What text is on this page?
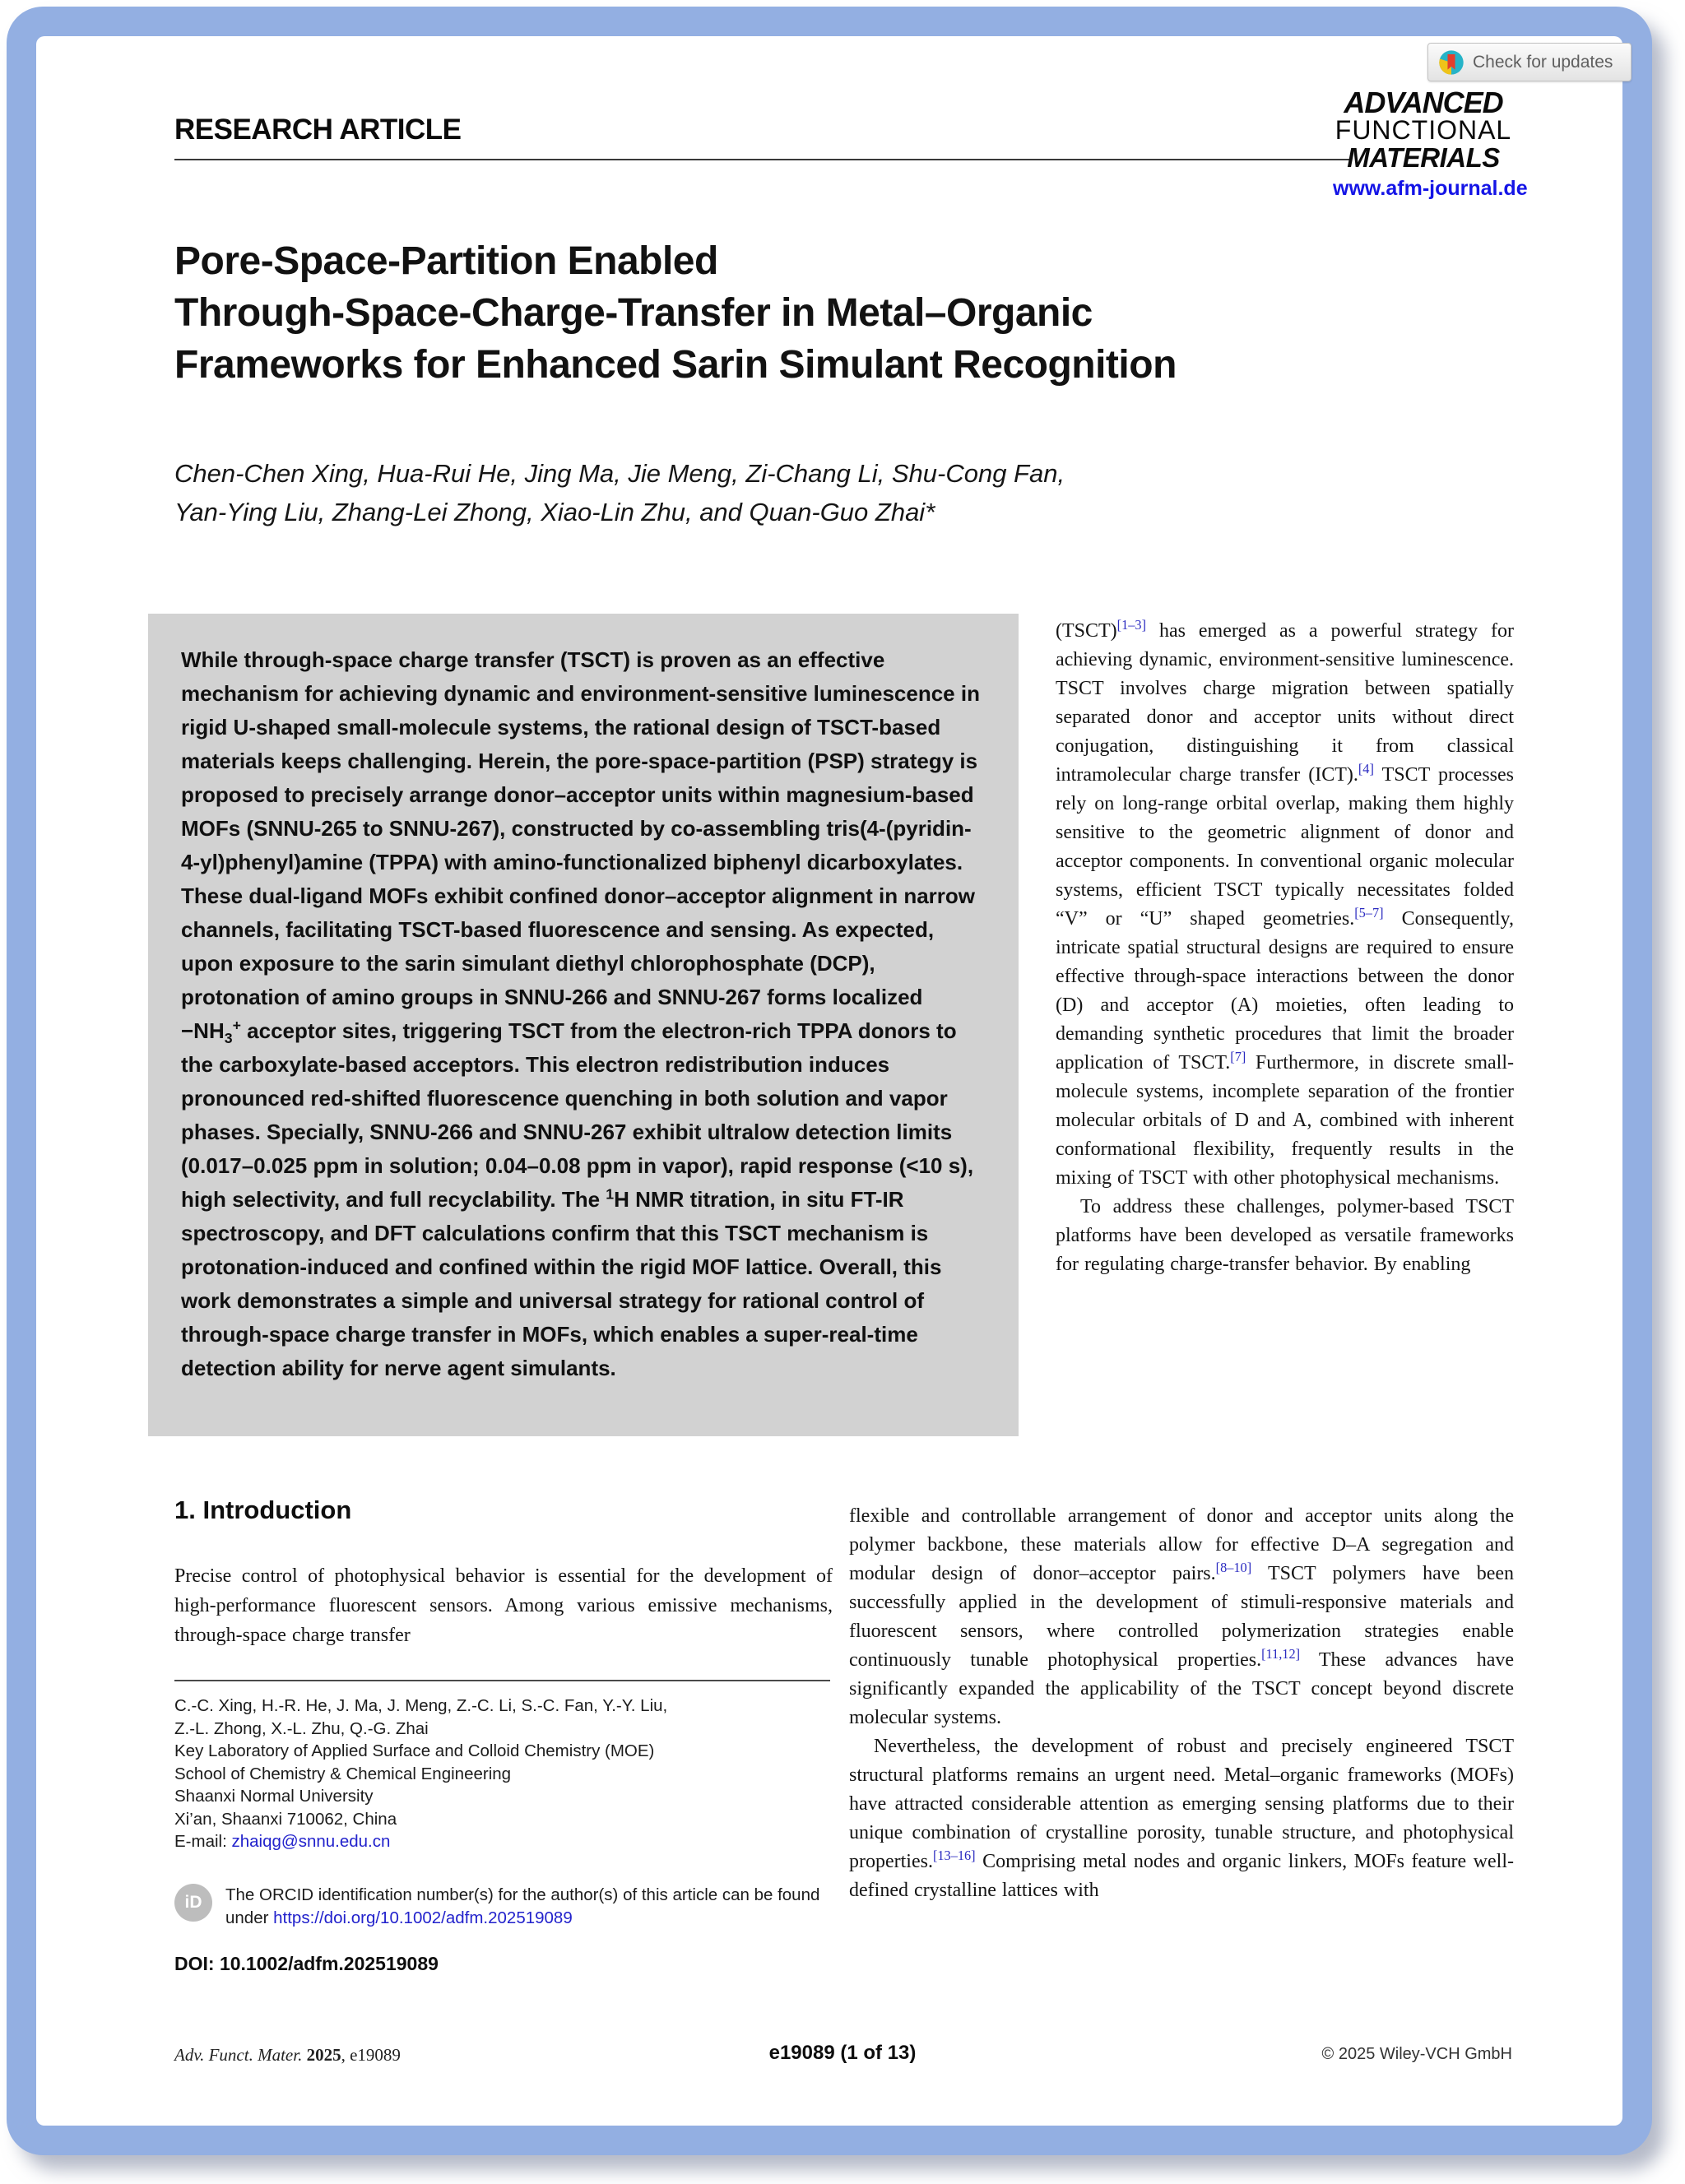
RESEARCH ARTICLE
Check for updates
ADVANCED
FUNCTIONAL
MATERIALS
www.afm-journal.de
Pore-Space-Partition Enabled
Through-Space-Charge-Transfer in Metal–Organic
Frameworks for Enhanced Sarin Simulant Recognition
Chen-Chen Xing, Hua-Rui He, Jing Ma, Jie Meng, Zi-Chang Li, Shu-Cong Fan,
Yan-Ying Liu, Zhang-Lei Zhong, Xiao-Lin Zhu, and Quan-Guo Zhai*
While through-space charge transfer (TSCT) is proven as an effective mechanism for achieving dynamic and environment-sensitive luminescence in rigid U-shaped small-molecule systems, the rational design of TSCT-based materials keeps challenging. Herein, the pore-space-partition (PSP) strategy is proposed to precisely arrange donor–acceptor units within magnesium-based MOFs (SNNU-265 to SNNU-267), constructed by co-assembling tris(4-(pyridin-4-yl)phenyl)amine (TPPA) with amino-functionalized biphenyl dicarboxylates. These dual-ligand MOFs exhibit confined donor–acceptor alignment in narrow channels, facilitating TSCT-based fluorescence and sensing. As expected, upon exposure to the sarin simulant diethyl chlorophosphate (DCP), protonation of amino groups in SNNU-266 and SNNU-267 forms localized $-NH_3^+$ acceptor sites, triggering TSCT from the electron-rich TPPA donors to the carboxylate-based acceptors. This electron redistribution induces pronounced red-shifted fluorescence quenching in both solution and vapor phases. Specially, SNNU-266 and SNNU-267 exhibit ultralow detection limits (0.017–0.025 ppm in solution; 0.04–0.08 ppm in vapor), rapid response (<10 s), high selectivity, and full recyclability. The $^1$H NMR titration, in situ FT-IR spectroscopy, and DFT calculations confirm that this TSCT mechanism is protonation-induced and confined within the rigid MOF lattice. Overall, this work demonstrates a simple and universal strategy for rational control of through-space charge transfer in MOFs, which enables a super-real-time detection ability for nerve agent simulants.

(TSCT)[1–3] has emerged as a powerful strategy for achieving dynamic, environment-sensitive luminescence. TSCT involves charge migration between spatially separated donor and acceptor units without direct conjugation, distinguishing it from classical intramolecular charge transfer (ICT).[4] TSCT processes rely on long-range orbital overlap, making them highly sensitive to the geometric alignment of donor and acceptor components. In conventional organic molecular systems, efficient TSCT typically necessitates folded “V” or “U” shaped geometries.[5–7] Consequently, intricate spatial structural designs are required to ensure effective through-space interactions between the donor (D) and acceptor (A) moieties, often leading to demanding synthetic procedures that limit the broader application of TSCT.[7] Furthermore, in discrete small-molecule systems, incomplete separation of the frontier molecular orbitals of D and A, combined with inherent conformational flexibility, frequently results in the mixing of TSCT with other photophysical mechanisms.

To address these challenges, polymer-based TSCT platforms have been developed as versatile frameworks for regulating charge-transfer behavior. By enabling

flexible and controllable arrangement of donor and acceptor units along the polymer backbone, these materials allow for effective D–A segregation and modular design of donor–acceptor pairs.[8–10] TSCT polymers have been successfully applied in the development of stimuli-responsive materials and fluorescent sensors, where controlled polymerization strategies enable continuously tunable photophysical properties.[11,12] These advances have significantly expanded the applicability of the TSCT concept beyond discrete molecular systems.

Nevertheless, the development of robust and precisely engineered TSCT structural platforms remains an urgent need. Metal–organic frameworks (MOFs) have attracted considerable attention as emerging sensing platforms due to their unique combination of crystalline porosity, tunable structure, and photophysical properties.[13–16] Comprising metal nodes and organic linkers, MOFs feature well-defined crystalline lattices with

1. Introduction
Precise control of photophysical behavior is essential for the development of high-performance fluorescent sensors. Among various emissive mechanisms, through-space charge transfer
C.-C. Xing, H.-R. He, J. Ma, J. Meng, Z.-C. Li, S.-C. Fan, Y.-Y. Liu,
Z.-L. Zhong, X.-L. Zhu, Q.-G. Zhai
Key Laboratory of Applied Surface and Colloid Chemistry (MOE)
School of Chemistry & Chemical Engineering
Shaanxi Normal University
Xi’an, Shaanxi 710062, China
E-mail: zhaiqg@snnu.edu.cn
iD	The ORCID identification number(s) for the author(s) of this article can be found under https://doi.org/10.1002/adfm.202519089
DOI: 10.1002/adfm.202519089
Adv. Funct. Mater. 2025, e19089	e19089 (1 of 13)	© 2025 Wiley-VCH GmbH
